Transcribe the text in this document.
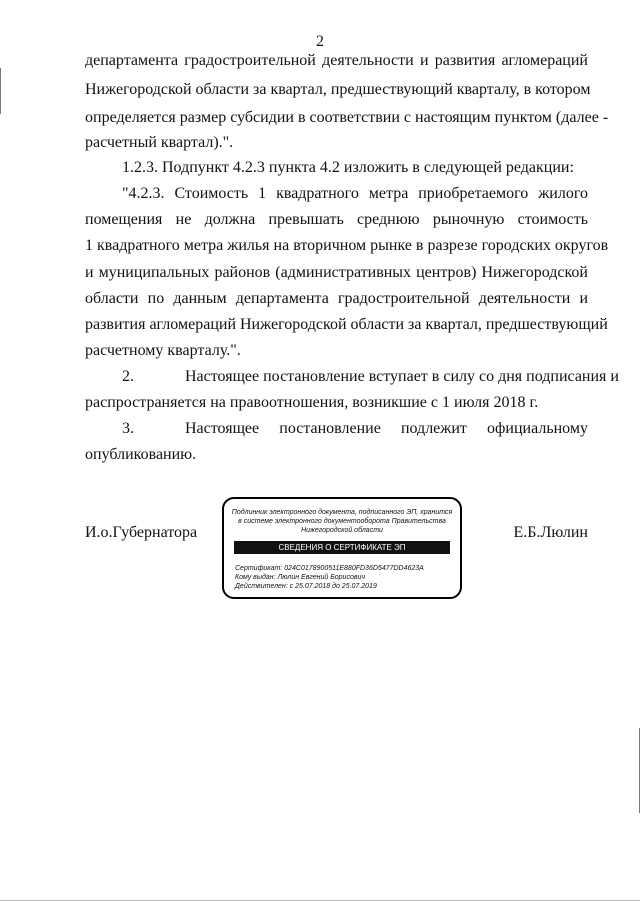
2
департамента градостроительной деятельности и развития агломераций
Нижегородской области за квартал, предшествующий кварталу, в котором
определяется размер субсидии в соответствии с настоящим пунктом (далее -
расчетный квартал).".
1.2.3. Подпункт 4.2.3 пункта 4.2 изложить в следующей редакции:
"4.2.3. Стоимость 1 квадратного метра приобретаемого жилого
помещения не должна превышать среднюю рыночную стоимость
1 квадратного метра жилья на вторичном рынке в разрезе городских округов
и муниципальных районов (административных центров) Нижегородской
области по данным департамента градостроительной деятельности и
развития агломераций Нижегородской области за квартал, предшествующий
расчетному кварталу.".
2.	Настоящее постановление вступает в силу со дня подписания и
распространяется на правоотношения, возникшие с 1 июля 2018 г.
3.	Настоящее постановление подлежит официальному
опубликованию.
И.о.Губернатора	Е.Б.Люлин
Подлинник электронного документа, подписанного ЭП, хранится в системе электронного документооборота Правительства Нижегородской области
СВЕДЕНИЯ О СЕРТИФИКАТЕ ЭП
Сертификат: 024C0178900511E880FD36D5477DD4623A
Кому выдан: Люлин Евгений Борисович
Действителен: с 25.07.2018 до 25.07.2019
